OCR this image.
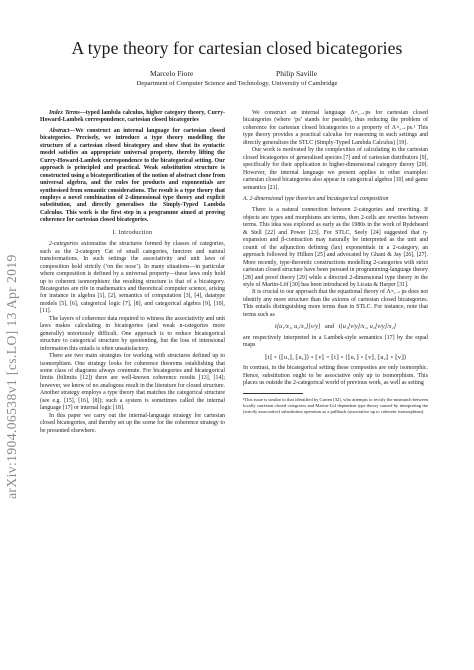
A type theory for cartesian closed bicategories
Marcelo Fiore	Philip Saville
Department of Computer Science and Technology, University of Cambridge
arXiv:1904.06538v1 [cs.LO] 13 Apr 2019

Index Terms—typed lambda calculus, higher category theory, Curry-Howard-Lambek correspondence, cartesian closed bicategories

Abstract—We construct an internal language for cartesian closed bicategories. Precisely, we introduce a type theory modelling the structure of a cartesian closed bicategory and show that its syntactic model satisfies an appropriate universal property, thereby lifting the Curry-Howard-Lambek correspondence to the bicategorical setting. Our approach is principled and practical. Weak substitution structure is constructed using a bicategorification of the notion of abstract clone from universal algebra, and the rules for products and exponentials are synthesised from semantic considerations. The result is a type theory that employs a novel combination of 2-dimensional type theory and explicit substitution, and directly generalises the Simply-Typed Lambda Calculus. This work is the first step in a programme aimed at proving coherence for cartesian closed bicategories.

I. Introduction

2-categories axiomatise the structures formed by classes of categories, such as the 2-category Cat of small categories, functors and natural transformations. In such settings the associativity and unit laws of composition hold strictly (‘on the nose’). In many situations—in particular where composition is defined by a universal property—these laws only hold up to coherent isomorphism: the resulting structure is that of a bicategory. Bicategories are rife in mathematics and theoretical computer science, arising for instance in algebra [1], [2], semantics of computation [3], [4], datatype models [5], [6], categorical logic [7], [8], and categorical algebra [9], [10], [11].

The layers of coherence data required to witness the associativity and unit laws makes calculating in bicategories (and weak n-categories more generally) notoriously difficult. One approach is to reduce bicategorical structure to categorical structure by quotienting, but the loss of intensional information this entails is often unsatisfactory.

There are two main strategies for working with structures defined up to isomorphism. One strategy looks for coherence theorems establishing that some class of diagrams always commute. For bicategories and bicategorical limits (bilimits [12]) there are well-known coherence results [13], [14]; however, we know of no analogous result in the literature for closed structure. Another strategy employs a type theory that matches the categorical structure (see e.g. [15], [16], [8]); such a system is sometimes called the internal language [17] or internal logic [18].

In this paper we carry out the internal-language strategy for cartesian closed bicategories, and thereby set up the scene for the coherence strategy to be presented elsewhere.

We construct an internal language Λ×,→ps for cartesian closed bicategories (where ‘ps’ stands for pseudo), thus reducing the problem of coherence for cartesian closed bicategories to a property of Λ×,→ps.¹ This type theory provides a practical calculus for reasoning in such settings and directly generalises the STLC (Simply-Typed Lambda Calculus) [19].

Our work is motivated by the complexities of calculating in the cartesian closed bicategories of generalised species [7] and of cartesian distributors [9], specifically for their application to higher-dimensional category theory [20]. However, the internal language we present applies to other examples: cartesian closed bicategories also appear in categorical algebra [10] and game semantics [21].

A. 2-dimensional type theories and bicategorical composition

There is a natural connection between 2-categories and rewriting. If objects are types and morphisms are terms, then 2-cells are rewrites between terms. This idea was explored as early as the 1980s in the work of Rydeheard & Stell [22] and Power [23]. For STLC, Seely [24] suggested that η-expansion and β-contraction may naturally be interpreted as the unit and counit of the adjunction defining (lax) exponentials in a 2-category, an approach followed by Hilken [25] and advocated by Ghani & Jay [26], [27]. More recently, type-theoretic constructions modelling 2-categories with strict cartesian closed structure have been pursued in programming-language theory [28] and proof theory [29] while a directed 2-dimensional type theory in the style of Martin-Löf [30] has been introduced by Licata & Harper [31].

It is crucial to our approach that the equational theory of Λ×,→ps does not identify any more structure than the axioms of cartesian closed bicategories. This entails distinguishing more terms than in STLC. For instance, note that terms such as

t[u₁/x₁, u₂/x₂][v/y] and t[u₁[v/y]/x₁, u₂[v/y]/x₂]

are respectively interpreted in a Lambek-style semantics [17] by the equal maps

⟦t⟧ ∘ ⟨⟦u₁⟧, ⟦u₂⟧⟩ ∘ ⟦v⟧ = ⟦t⟧ ∘ ⟨⟦u₁⟧ ∘ ⟦v⟧, ⟦u₂⟧ ∘ ⟦v⟧⟩

In contrast, in the bicategorical setting these composites are only isomorphic. Hence, substitution ought to be associative only up to isomorphism. This places us outside the 2-categorical world of previous work, as well as setting

¹This issue is similar to that identified by Curien [32], who attempts to rectify the mismatch between locally cartesian closed categories and Martin-Löf dependent type theory caused by interpreting the (strictly associative) substitution operation as a pullback (associative up to coherent isomorphism).
